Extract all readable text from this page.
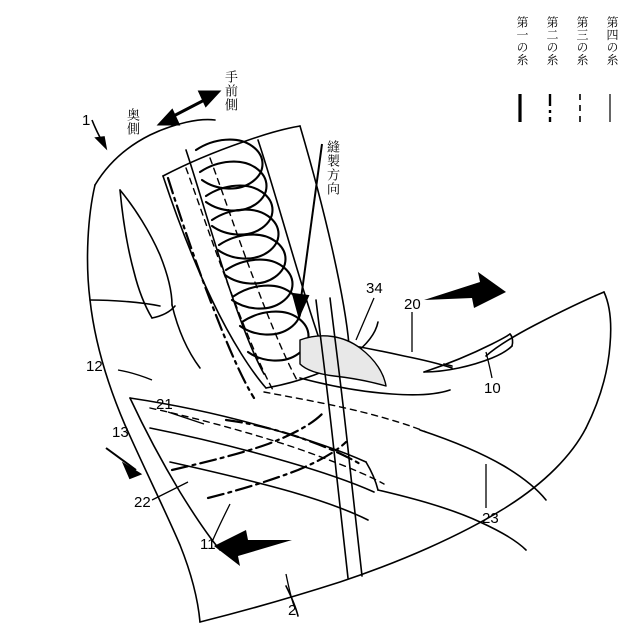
手前側
奥側
縫製方向
1
2
10
11
12
13
20
21
22
23
34
第一の糸 第二の糸 第三の糸 第四の糸
